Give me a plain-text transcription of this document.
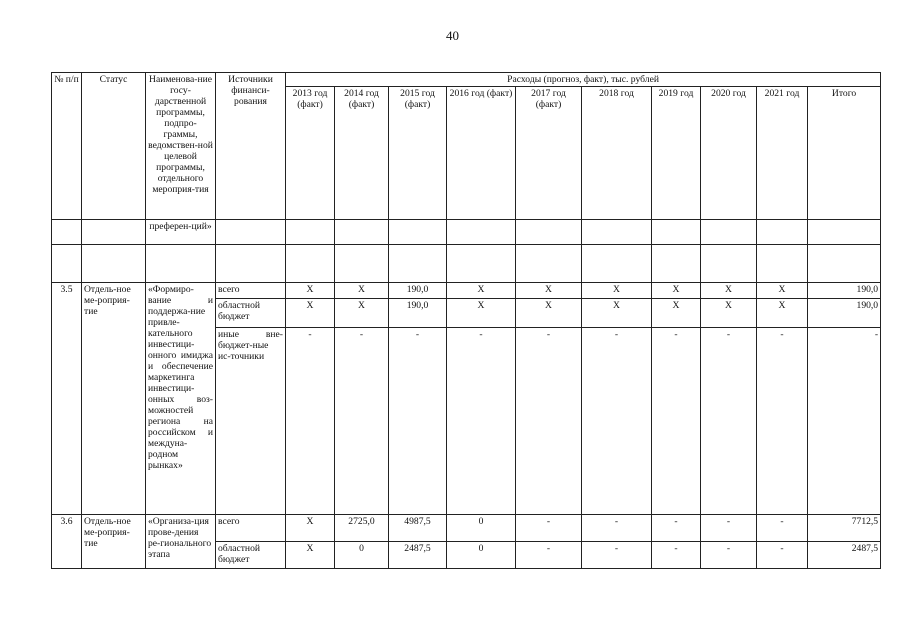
40
№ п/п	Статус	Наименова-ние госу-дарственной программы, подпро-граммы, ведомствен-ной целевой программы, отдельного мероприя-тия	Источники финанси-рования	Расходы (прогноз, факт), тыс. рублей									
				2013 год (факт)	2014 год (факт)	2015 год (факт)	2016 год (факт)	2017 год (факт)	2018 год	2019 год	2020 год	2021 год	Итого
		преферен-ций»											

3.5	Отдель-ное ме-роприя-тие	«Формиро-вание и поддержа-ние привле-кательного инвестици-онного имиджа и обеспечение маркетинга инвестици-онных воз-можностей региона на российском и междуна-родном рынках»	всего	Х	Х	190,0	Х	Х	Х	Х	Х	Х	190,0
			областной бюджет	Х	Х	190,0	Х	Х	Х	Х	Х	Х	190,0
			иные вне-бюджет-ные ис-точники	-	-	-	-	-	-	-	-	-	-
3.6	Отдель-ное ме-роприя-тие	«Организа-ция прове-дения ре-гионального этапа	всего	Х	2725,0	4987,5	0	-	-	-	-	-	7712,5
			областной бюджет	Х	0	2487,5	0	-	-	-	-	-	2487,5
